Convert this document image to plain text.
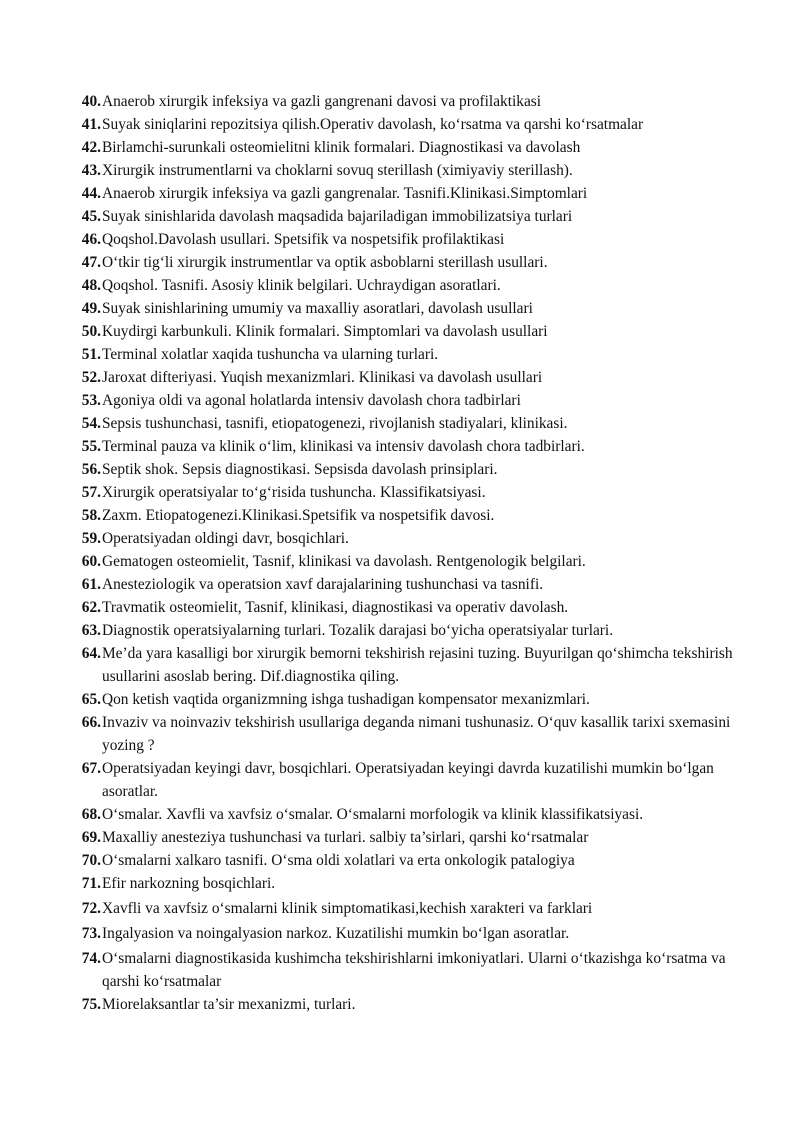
40. Anaerob xirurgik infeksiya va gazli gangrenani davosi va profilaktikasi
41. Suyak siniqlarini repozitsiya qilish.Operativ davolash, ko‘rsatma va qarshi ko‘rsatmalar
42. Birlamchi-surunkali osteomielitni klinik formalari. Diagnostikasi va davolash
43. Xirurgik instrumentlarni va choklarni sovuq sterillash (ximiyaviy sterillash).
44. Anaerob xirurgik infeksiya va gazli gangrenalar. Tasnifi.Klinikasi.Simptomlari
45. Suyak sinishlarida davolash maqsadida bajariladigan immobilizatsiya turlari
46. Qoqshol.Davolash usullari. Spetsifik va nospetsifik profilaktikasi
47. O‘tkir tig‘li xirurgik instrumentlar va optik asboblarni sterillash usullari.
48. Qoqshol. Tasnifi. Asosiy klinik belgilari. Uchraydigan asoratlari.
49. Suyak sinishlarining umumiy va maxalliy asoratlari, davolash usullari
50. Kuydirgi karbunkuli. Klinik formalari. Simptomlari va davolash usullari
51. Terminal xolatlar xaqida tushuncha va ularning turlari.
52. Jaroxat difteriyasi. Yuqish mexanizmlari. Klinikasi va davolash usullari
53. Agoniya oldi va agonal holatlarda intensiv davolash chora tadbirlari
54. Sepsis tushunchasi, tasnifi, etiopatogenezi, rivojlanish stadiyalari, klinikasi.
55. Terminal pauza va klinik o‘lim, klinikasi va intensiv davolash chora tadbirlari.
56. Septik shok. Sepsis diagnostikasi. Sepsisda davolash prinsiplari.
57. Xirurgik operatsiyalar to‘g‘risida tushuncha. Klassifikatsiyasi.
58. Zaxm. Etiopatogenezi.Klinikasi.Spetsifik va nospetsifik davosi.
59. Operatsiyadan oldingi davr, bosqichlari.
60. Gematogen osteomielit, Tasnif, klinikasi va davolash. Rentgenologik belgilari.
61. Anesteziologik va operatsion xavf darajalarining tushunchasi va tasnifi.
62. Travmatik osteomielit, Tasnif, klinikasi, diagnostikasi va operativ davolash.
63. Diagnostik operatsiyalarning turlari. Tozalik darajasi bo‘yicha operatsiyalar turlari.
64. Me’da yara kasalligi bor xirurgik bemorni tekshirish rejasini tuzing. Buyurilgan qo‘shimcha tekshirish usullarini asoslab bering. Dif.diagnostika qiling.
65. Qon ketish vaqtida organizmning ishga tushadigan kompensator mexanizmlari.
66. Invaziv va noinvaziv tekshirish usullariga deganda nimani tushunasiz. O‘quv kasallik tarixi sxemasini yozing ?
67. Operatsiyadan keyingi davr, bosqichlari. Operatsiyadan keyingi davrda kuzatilishi mumkin bo‘lgan asoratlar.
68. O‘smalar. Xavfli va xavfsiz o‘smalar. O‘smalarni morfologik va klinik klassifikatsiyasi.
69. Maxalliy anesteziya tushunchasi va turlari. salbiy ta’sirlari, qarshi ko‘rsatmalar
70. O‘smalarni xalkaro tasnifi. O‘sma oldi xolatlari va erta onkologik patalogiya
71. Efir narkozning bosqichlari.
72. Xavfli va xavfsiz o‘smalarni klinik simptomatikasi,kechish xarakteri va farklari
73. Ingalyasion va noingalyasion narkoz. Kuzatilishi mumkin bo‘lgan asoratlar.
74. O‘smalarni diagnostikasida kushimcha tekshirishlarni imkoniyatlari. Ularni o‘tkazishga ko‘rsatma va qarshi ko‘rsatmalar
75. Miorelaksantlar ta’sir mexanizmi, turlari.
